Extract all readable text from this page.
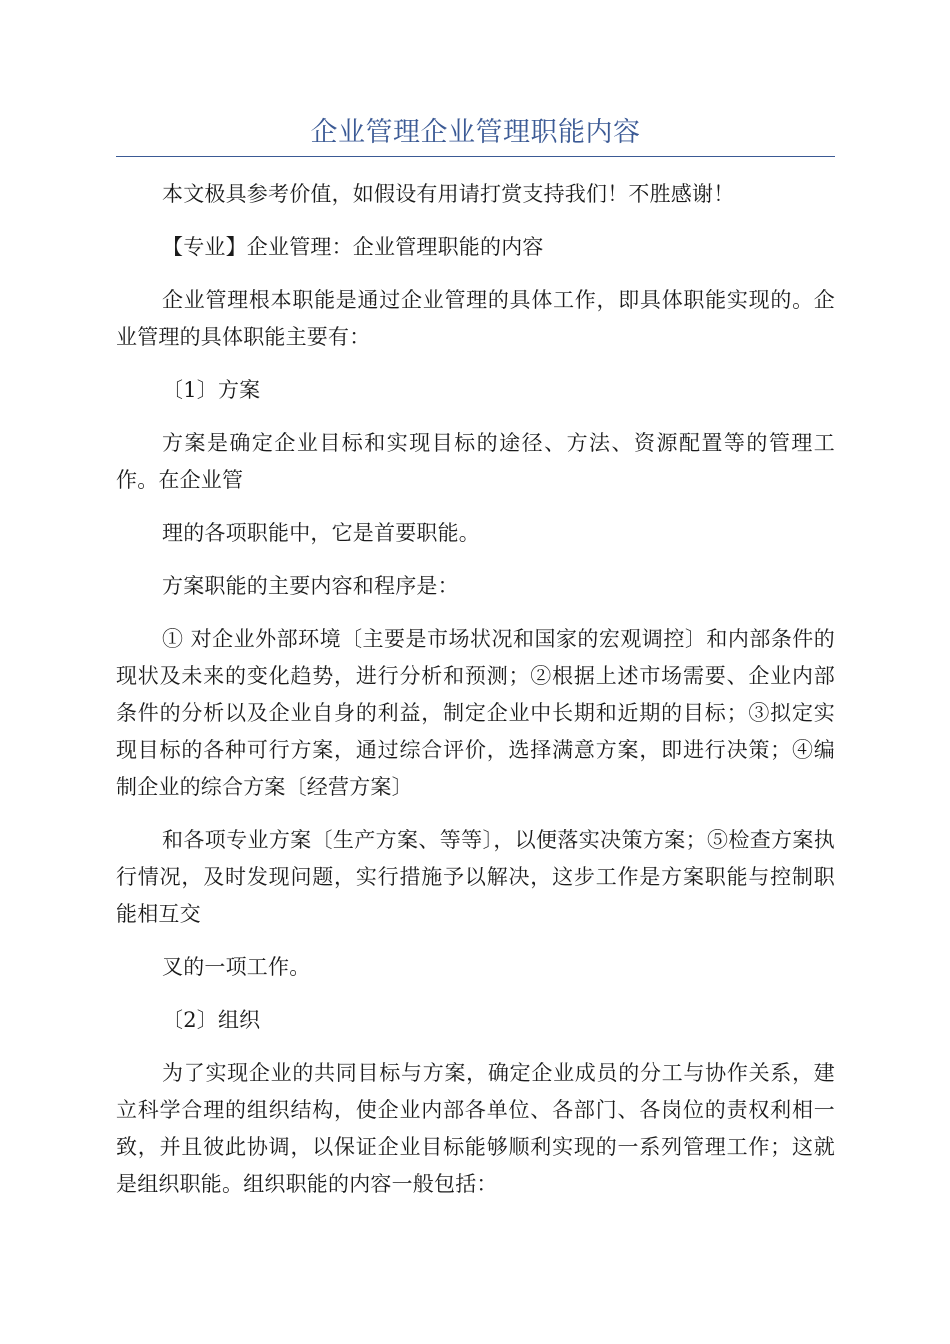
企业管理企业管理职能内容

本文极具参考价值，如假设有用请打赏支持我们！不胜感谢！

【专业】企业管理：企业管理职能的内容

企业管理根本职能是通过企业管理的具体工作，即具体职能实现的。企业管理的具体职能主要有：

〔1〕方案

方案是确定企业目标和实现目标的途径、方法、资源配置等的管理工作。在企业管

理的各项职能中，它是首要职能。

方案职能的主要内容和程序是：

① 对企业外部环境〔主要是市场状况和国家的宏观调控〕和内部条件的现状及未来的变化趋势，进行分析和预测；②根据上述市场需要、企业内部条件的分析以及企业自身的利益，制定企业中长期和近期的目标；③拟定实现目标的各种可行方案，通过综合评价，选择满意方案，即进行决策；④编制企业的综合方案〔经营方案〕

和各项专业方案〔生产方案、等等〕，以便落实决策方案；⑤检查方案执行情况，及时发现问题，实行措施予以解决，这步工作是方案职能与控制职能相互交

叉的一项工作。

〔2〕组织

为了实现企业的共同目标与方案，确定企业成员的分工与协作关系，建立科学合理的组织结构，使企业内部各单位、各部门、各岗位的责权利相一致，并且彼此协调，以保证企业目标能够顺利实现的一系列管理工作；这就是组织职能。组织职能的内容一般包括：
